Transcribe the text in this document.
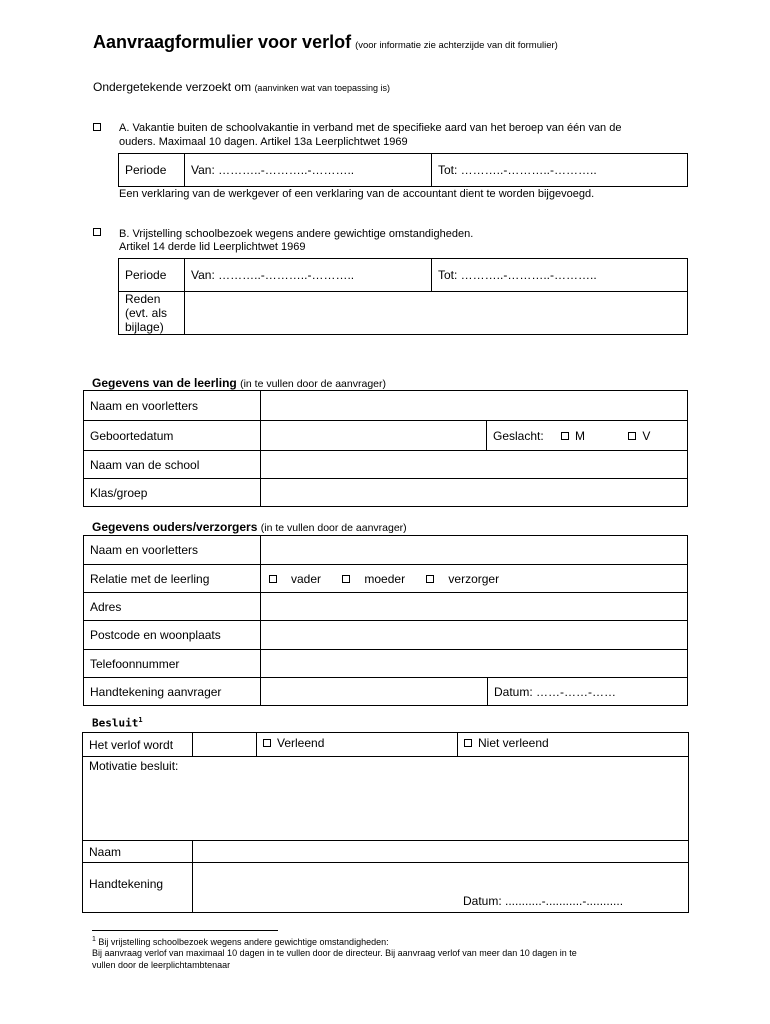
Aanvraagformulier voor verlof (voor informatie zie achterzijde van dit formulier)
Ondergetekende verzoekt om (aanvinken wat van toepassing is)
A. Vakantie buiten de schoolvakantie in verband met de specifieke aard van het beroep van één van de
ouders. Maximaal 10 dagen. Artikel 13a Leerplichtwet 1969
Periode	Van: ………..-………..-………..	Tot: ………..-………..-………..
Een verklaring van de werkgever of een verklaring van de accountant dient te worden bijgevoegd.
B. Vrijstelling schoolbezoek wegens andere gewichtige omstandigheden.
Artikel 14 derde lid Leerplichtwet 1969
Periode	Van: ………..-………..-………..	Tot: ………..-………..-………..

Reden
(evt. als
bijlage)		

Gegevens van de leerling (in te vullen door de aanvrager)
Naam en voorletters		
Geboortedatum		Geslacht: M
V

Naam van de school		
Klas/groep		
Gegevens ouders/verzorgers (in te vullen door de aanvrager)
Naam en voorletters		
Relatie met de leerling	vader
moeder
verzorger	

Adres		
Postcode en woonplaats		
Telefoonnummer		
Handtekening aanvrager		Datum: ……-……-……
Besluit$^1$
Het verlof wordt		Verleend	Niet verleend

Motivatie besluit:			
Naam			
Handtekening	Datum: ...........-...........-...........		
$^1$ Bij vrijstelling schoolbezoek wegens andere gewichtige omstandigheden:
Bij aanvraag verlof van maximaal 10 dagen in te vullen door de directeur. Bij aanvraag verlof van meer dan 10 dagen in te
vullen door de leerplichtambtenaar
